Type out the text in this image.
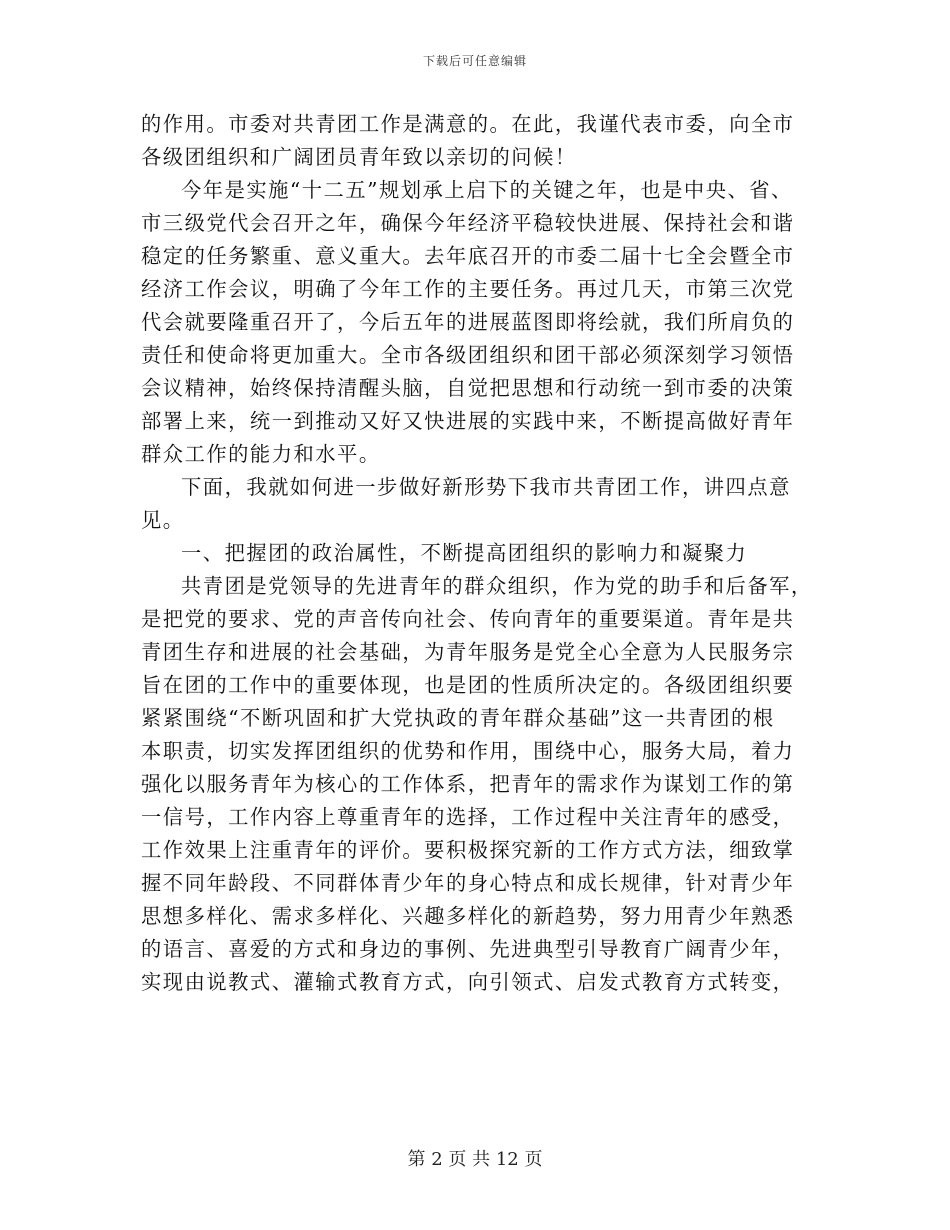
下载后可任意编辑
的作用。市委对共青团工作是满意的。在此，我谨代表市委，向全市
各级团组织和广阔团员青年致以亲切的问候！
今年是实施“十二五”规划承上启下的关键之年，也是中央、省、
市三级党代会召开之年，确保今年经济平稳较快进展、保持社会和谐
稳定的任务繁重、意义重大。去年底召开的市委二届十七全会暨全市
经济工作会议，明确了今年工作的主要任务。再过几天，市第三次党
代会就要隆重召开了，今后五年的进展蓝图即将绘就，我们所肩负的
责任和使命将更加重大。全市各级团组织和团干部必须深刻学习领悟
会议精神，始终保持清醒头脑，自觉把思想和行动统一到市委的决策
部署上来，统一到推动又好又快进展的实践中来，不断提高做好青年
群众工作的能力和水平。
下面，我就如何进一步做好新形势下我市共青团工作，讲四点意
见。
一、把握团的政治属性，不断提高团组织的影响力和凝聚力
共青团是党领导的先进青年的群众组织，作为党的助手和后备军，
是把党的要求、党的声音传向社会、传向青年的重要渠道。青年是共
青团生存和进展的社会基础，为青年服务是党全心全意为人民服务宗
旨在团的工作中的重要体现，也是团的性质所决定的。各级团组织要
紧紧围绕“不断巩固和扩大党执政的青年群众基础”这一共青团的根
本职责，切实发挥团组织的优势和作用，围绕中心，服务大局，着力
强化以服务青年为核心的工作体系，把青年的需求作为谋划工作的第
一信号，工作内容上尊重青年的选择，工作过程中关注青年的感受，
工作效果上注重青年的评价。要积极探究新的工作方式方法，细致掌
握不同年龄段、不同群体青少年的身心特点和成长规律，针对青少年
思想多样化、需求多样化、兴趣多样化的新趋势，努力用青少年熟悉
的语言、喜爱的方式和身边的事例、先进典型引导教育广阔青少年，
实现由说教式、灌输式教育方式，向引领式、启发式教育方式转变，
第 2 页 共 12 页
